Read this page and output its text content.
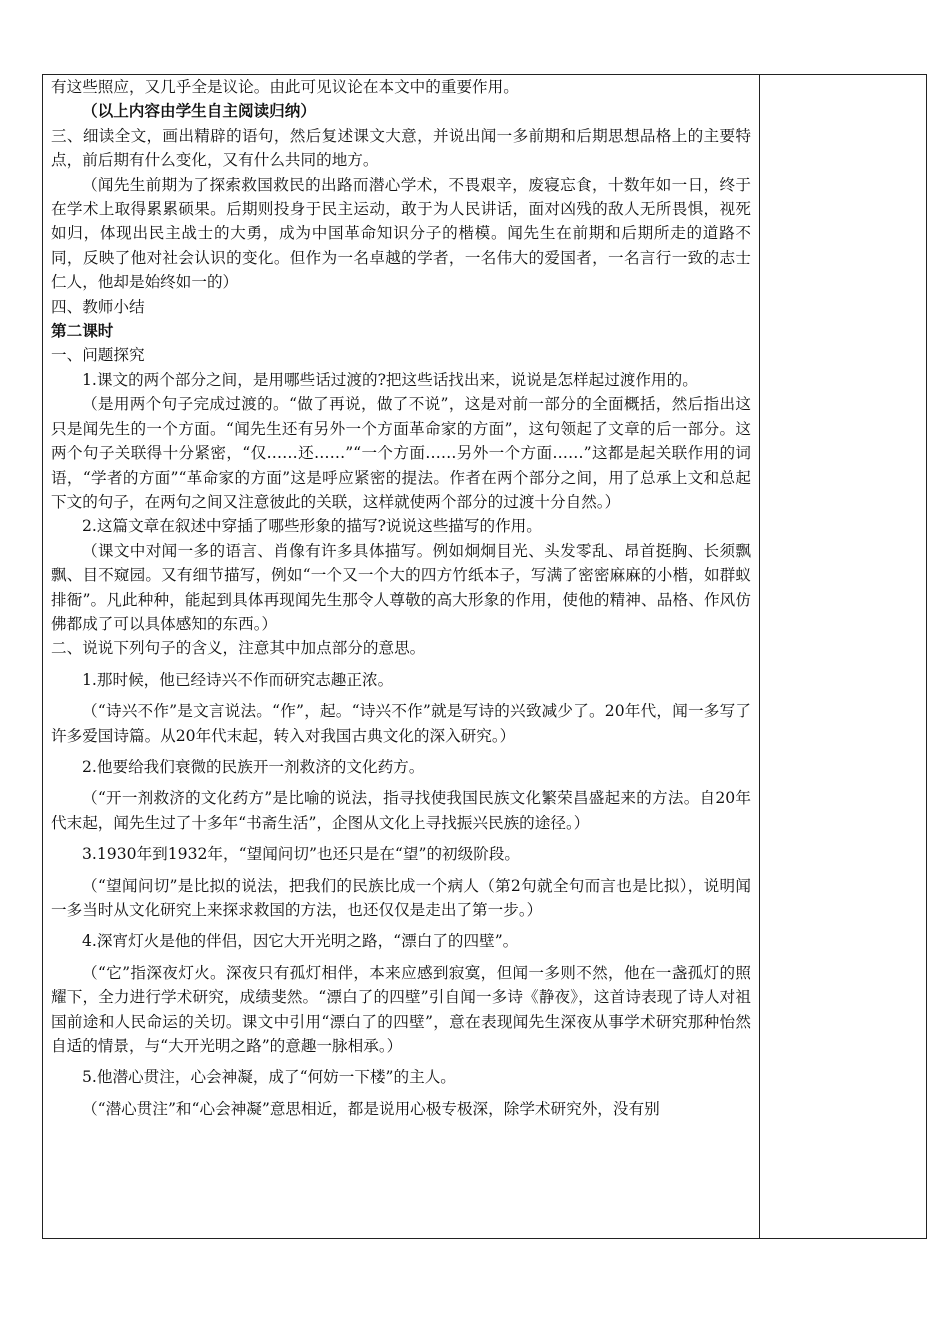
有这些照应，又几乎全是议论。由此可见议论在本文中的重要作用。

（以上内容由学生自主阅读归纳）

三、细读全文，画出精辟的语句，然后复述课文大意，并说出闻一多前期和后期思想品格上的主要特点，前后期有什么变化，又有什么共同的地方。

（闻先生前期为了探索救国救民的出路而潜心学术，不畏艰辛，废寝忘食，十数年如一日，终于在学术上取得累累硕果。后期则投身于民主运动，敢于为人民讲话，面对凶残的敌人无所畏惧，视死如归，体现出民主战士的大勇，成为中国革命知识分子的楷模。闻先生在前期和后期所走的道路不同，反映了他对社会认识的变化。但作为一名卓越的学者，一名伟大的爱国者，一名言行一致的志士仁人，他却是始终如一的）

四、教师小结

第二课时

一、问题探究

1.课文的两个部分之间，是用哪些话过渡的?把这些话找出来，说说是怎样起过渡作用的。

（是用两个句子完成过渡的。“做了再说，做了不说”，这是对前一部分的全面概括，然后指出这只是闻先生的一个方面。“闻先生还有另外一个方面革命家的方面”，这句领起了文章的后一部分。这两个句子关联得十分紧密，“仅……还……”“一个方面……另外一个方面……”这都是起关联作用的词语，“学者的方面”“革命家的方面”这是呼应紧密的提法。作者在两个部分之间，用了总承上文和总起下文的句子，在两句之间又注意彼此的关联，这样就使两个部分的过渡十分自然。）

2.这篇文章在叙述中穿插了哪些形象的描写?说说这些描写的作用。

（课文中对闻一多的语言、肖像有许多具体描写。例如炯炯目光、头发零乱、昂首挺胸、长须飘飘、目不窥园。又有细节描写，例如“一个又一个大的四方竹纸本子，写满了密密麻麻的小楷，如群蚁排衙”。凡此种种，能起到具体再现闻先生那令人尊敬的高大形象的作用，使他的精神、品格、作风仿佛都成了可以具体感知的东西。）

二、说说下列句子的含义，注意其中加点部分的意思。

1.那时候，他已经诗兴不作而研究志趣正浓。

（“诗兴不作”是文言说法。“作”，起。“诗兴不作”就是写诗的兴致减少了。20年代，闻一多写了许多爱国诗篇。从20年代末起，转入对我国古典文化的深入研究。）

2.他要给我们衰微的民族开一剂救济的文化药方。

（“开一剂救济的文化药方”是比喻的说法，指寻找使我国民族文化繁荣昌盛起来的方法。自20年代末起，闻先生过了十多年“书斋生活”，企图从文化上寻找振兴民族的途径。）

3.1930年到1932年，“望闻问切”也还只是在“望”的初级阶段。

（“望闻问切”是比拟的说法，把我们的民族比成一个病人（第2句就全句而言也是比拟），说明闻一多当时从文化研究上来探求救国的方法，也还仅仅是走出了第一步。）

4.深宵灯火是他的伴侣，因它大开光明之路，“漂白了的四壁”。

（“它”指深夜灯火。深夜只有孤灯相伴，本来应感到寂寞，但闻一多则不然，他在一盏孤灯的照耀下，全力进行学术研究，成绩斐然。“漂白了的四壁”引自闻一多诗《静夜》，这首诗表现了诗人对祖国前途和人民命运的关切。课文中引用“漂白了的四壁”，意在表现闻先生深夜从事学术研究那种怡然自适的情景，与“大开光明之路”的意趣一脉相承。）

5.他潜心贯注，心会神凝，成了“何妨一下楼”的主人。

（“潜心贯注”和“心会神凝”意思相近，都是说用心极专极深，除学术研究外，没有别
